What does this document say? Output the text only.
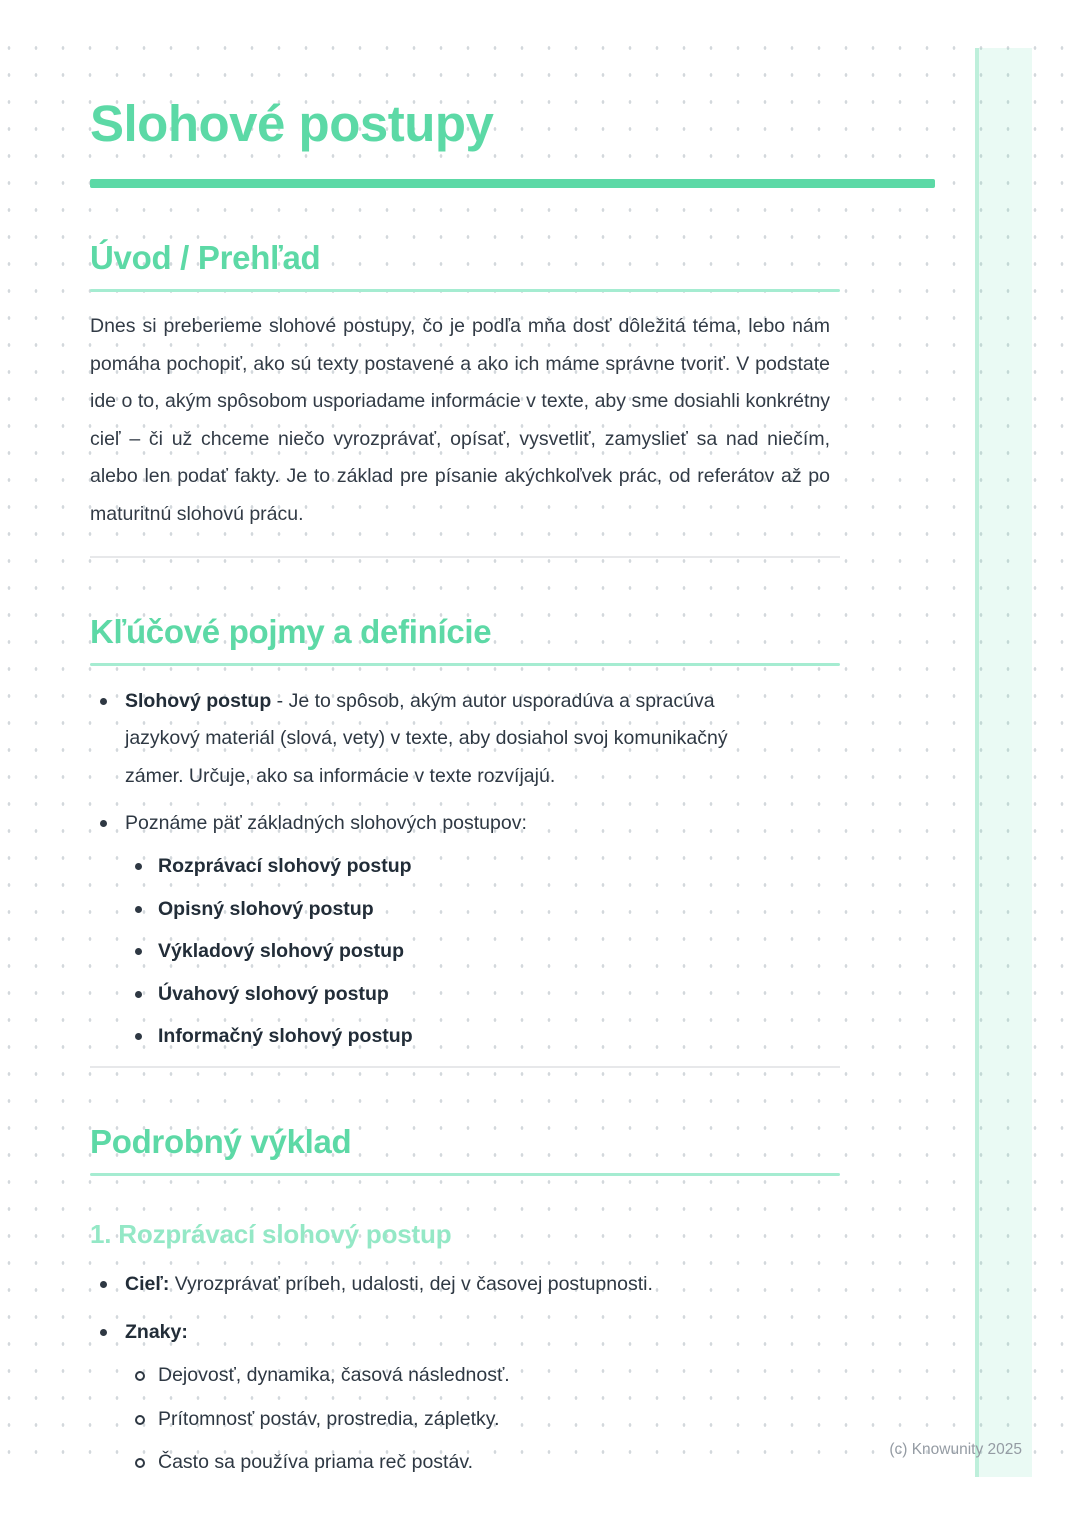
Slohové postupy
Úvod / Prehľad

Dnes si preberieme slohové postupy, čo je podľa mňa dosť dôležitá téma, lebo nám pomáha pochopiť, ako sú texty postavené a ako ich máme správne tvoriť. V podstate ide o to, akým spôsobom usporiadame informácie v texte, aby sme dosiahli konkrétny cieľ – či už chceme niečo vyrozprávať, opísať, vysvetliť, zamyslieť sa nad niečím, alebo len podať fakty. Je to základ pre písanie akýchkoľvek prác, od referátov až po maturitnú slohovú prácu.

Kľúčové pojmy a definície

Slohový postup - Je to spôsob, akým autor usporadúva a spracúva jazykový materiál (slová, vety) v texte, aby dosiahol svoj komunikačný zámer. Určuje, ako sa informácie v texte rozvíjajú.

Poznáme päť základných slohových postupov:

Rozprávací slohový postup

Opisný slohový postup

Výkladový slohový postup

Úvahový slohový postup

Informačný slohový postup

Podrobný výklad
1. Rozprávací slohový postup

Cieľ: Vyrozprávať príbeh, udalosti, dej v časovej postupnosti.

Znaky:

Dejovosť, dynamika, časová následnosť.

Prítomnosť postáv, prostredia, zápletky.

Často sa používa priama reč postáv.

(c) Knowunity 2025
